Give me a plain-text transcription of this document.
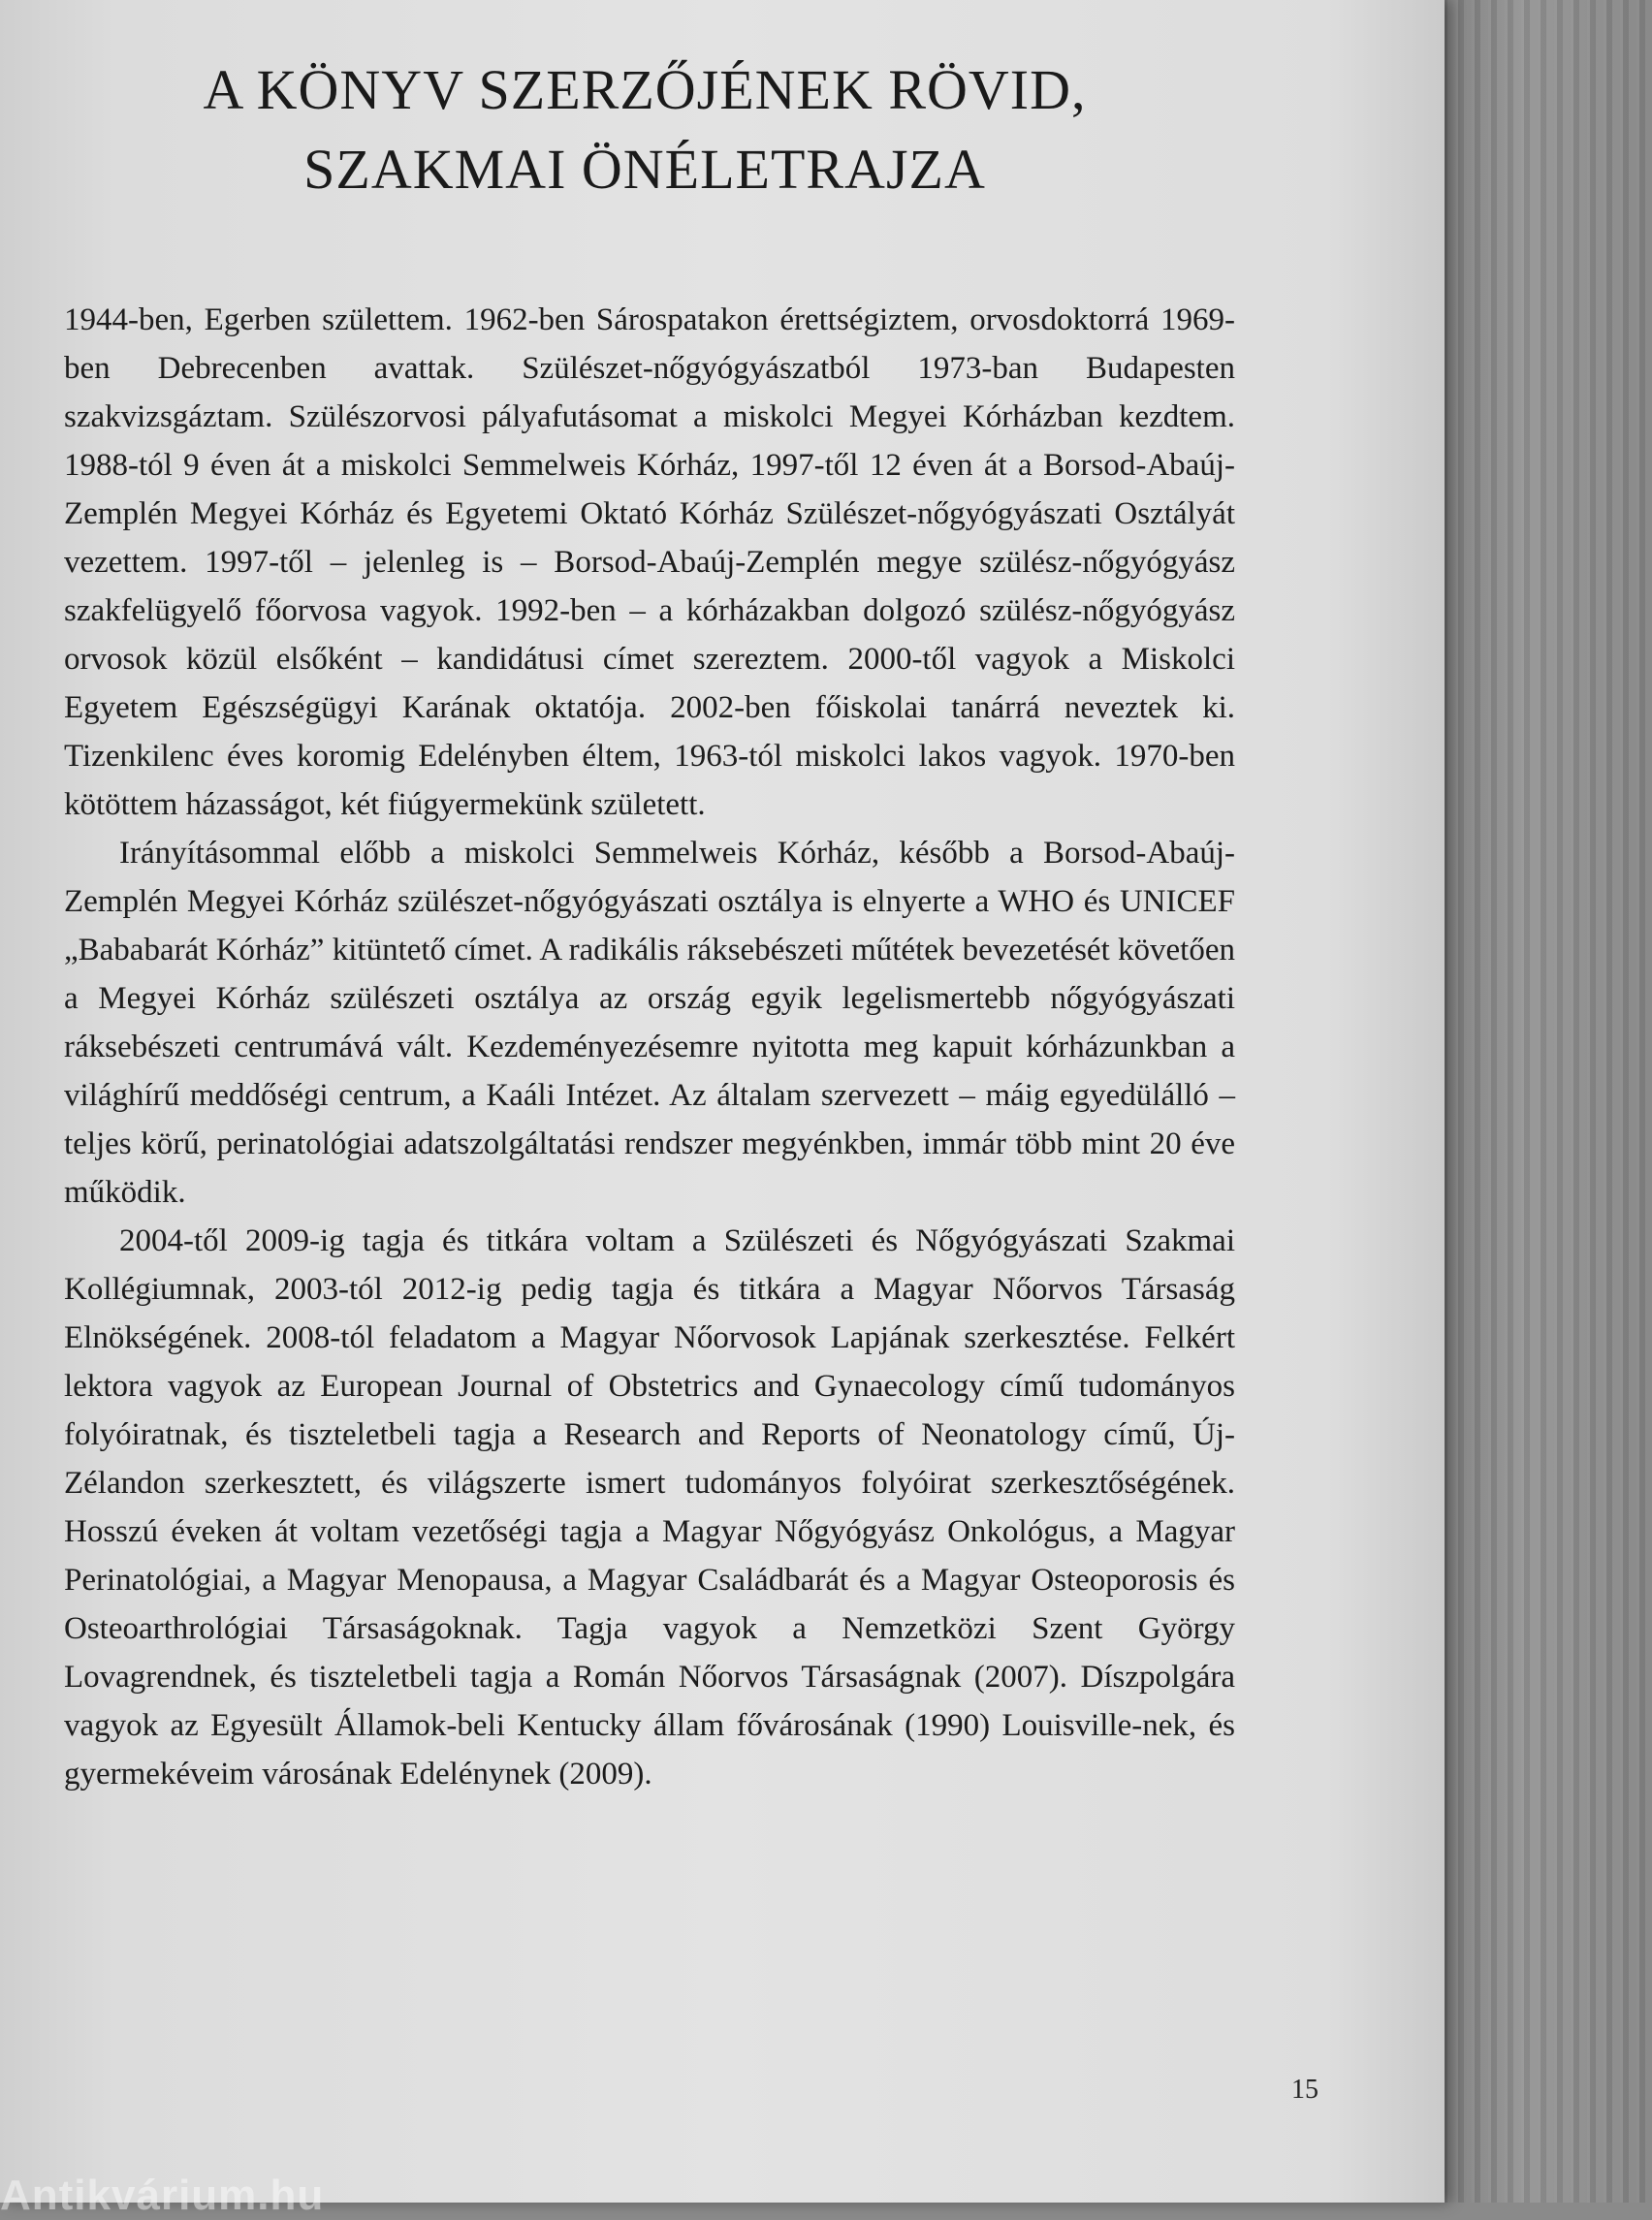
A KÖNYV SZERZŐJÉNEK RÖVID,
SZAKMAI ÖNÉLETRAJZA

1944-ben, Egerben születtem. 1962-ben Sárospatakon érettségiztem, orvosdoktorrá 1969-ben Debrecenben avattak. Szülészet-nőgyógyászatból 1973-ban Budapesten szakvizsgáztam. Szülészorvosi pályafutásomat a miskolci Megyei Kórházban kezdtem. 1988-tól 9 éven át a miskolci Semmelweis Kórház, 1997-től 12 éven át a Borsod-Abaúj-Zemplén Megyei Kórház és Egyetemi Oktató Kórház Szülészet-nőgyógyászati Osztályát vezettem. 1997-től – jelenleg is – Borsod-Abaúj-Zemplén megye szülész-nőgyógyász szakfelügyelő főorvosa vagyok. 1992-ben – a kórházakban dolgozó szülész-nőgyógyász orvosok közül elsőként – kandidátusi címet szereztem. 2000-től vagyok a Miskolci Egyetem Egészségügyi Karának oktatója. 2002-ben főiskolai tanárrá neveztek ki. Tizenkilenc éves koromig Edelényben éltem, 1963-tól miskolci lakos vagyok. 1970-ben kötöttem házasságot, két fiúgyermekünk született.

Irányításommal előbb a miskolci Semmelweis Kórház, később a Borsod-Abaúj-Zemplén Megyei Kórház szülészet-nőgyógyászati osztálya is elnyerte a WHO és UNICEF „Bababarát Kórház” kitüntető címet. A radikális ráksebészeti műtétek bevezetését követően a Megyei Kórház szülészeti osztálya az ország egyik legelismertebb nőgyógyászati ráksebészeti centrumává vált. Kezdeményezésemre nyitotta meg kapuit kórházunkban a világhírű meddőségi centrum, a Kaáli Intézet. Az általam szervezett – máig egyedülálló – teljes körű, perinatológiai adatszolgáltatási rendszer megyénkben, immár több mint 20 éve működik.

2004-től 2009-ig tagja és titkára voltam a Szülészeti és Nőgyógyászati Szakmai Kollégiumnak, 2003-tól 2012-ig pedig tagja és titkára a Magyar Nőorvos Társaság Elnökségének. 2008-tól feladatom a Magyar Nőorvosok Lapjának szerkesztése. Felkért lektora vagyok az European Journal of Obstetrics and Gynaecology című tudományos folyóiratnak, és tiszteletbeli tagja a Research and Reports of Neonatology című, Új-Zélandon szerkesztett, és világszerte ismert tudományos folyóirat szerkesztőségének. Hosszú éveken át voltam vezetőségi tagja a Magyar Nőgyógyász Onkológus, a Magyar Perinatológiai, a Magyar Menopausa, a Magyar Családbarát és a Magyar Osteoporosis és Osteoarthrológiai Társaságoknak. Tagja vagyok a Nemzetközi Szent György Lovagrendnek, és tiszteletbeli tagja a Román Nőorvos Társaságnak (2007). Díszpolgára vagyok az Egyesült Államok-beli Kentucky állam fővárosának (1990) Louisville-nek, és gyermekéveim városának Edelénynek (2009).

15
Antikvárium.hu
